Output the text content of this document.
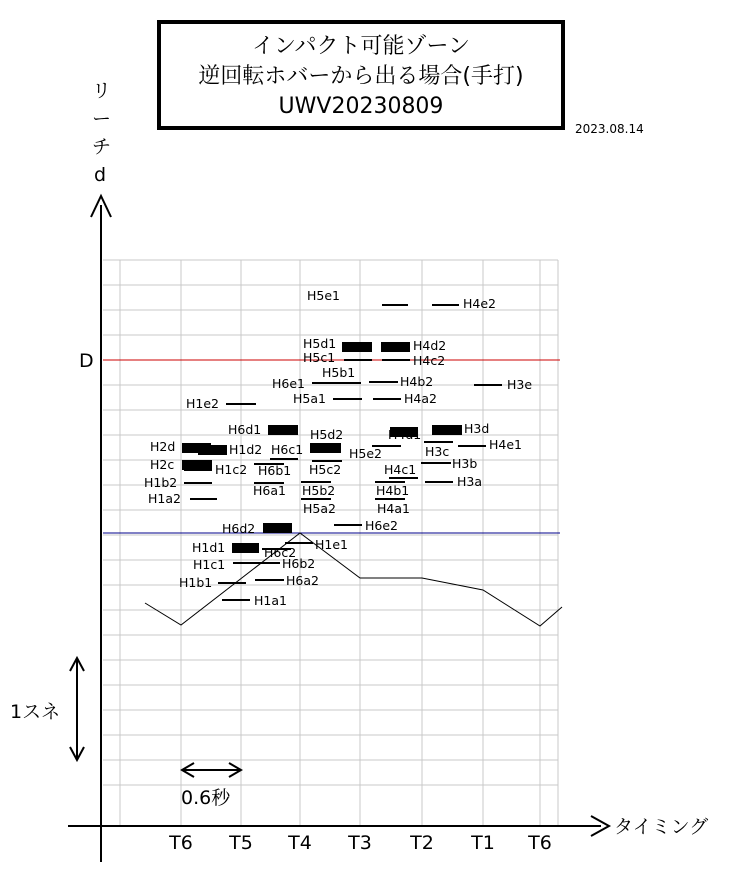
リ
ー
チ
d
タイミング
D
1スネ
0.6秒
T6 T5 T4 T3 T2 T1 T6
H5e1
H4e2
H5d1	H4d2
H5c1	H4c2
H5b1
H6e1	H4b2	H3e
H5a1	H4a2
H1e2
H6d1	H5d2	H4d1	H3d
H2d	H1d2 H6c1	H5e2	H3c	H4e1
H2c	H1c2 H6b1 H5c2	H4c1	H3b
H1b2
H6a1 H5b2	H4b1
H3a
H1a2
H5a2	H4a1
H6e2
H6d2
H1d1	H1e1
H6c2
H1c1	H6b2
H1b1	H6a2
H1a1
インパクト可能ゾーン
逆回転ホバーから出る場合(手打)
UWV20230809
2023.08.14
